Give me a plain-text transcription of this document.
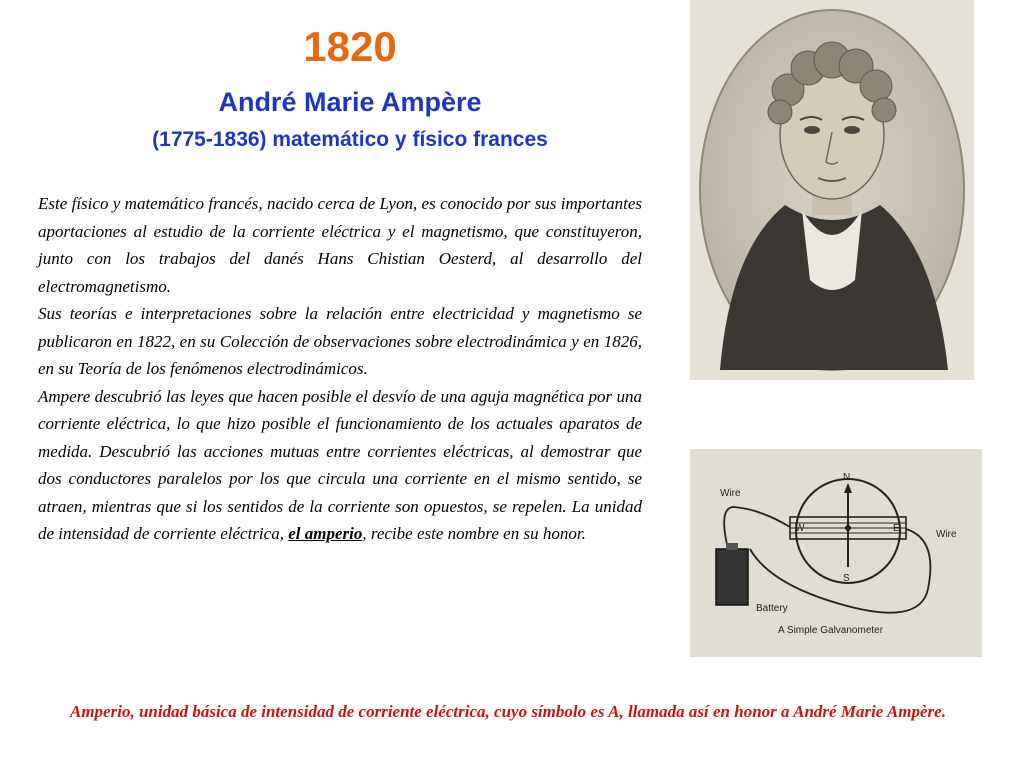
1820
André Marie Ampère
(1775-1836) matemático y físico frances

Este físico y matemático francés, nacido cerca de Lyon, es conocido por sus importantes aportaciones al estudio de la corriente eléctrica y el magnetismo, que constituyeron, junto con los trabajos del danés Hans Chistian Oesterd, al desarrollo del electromagnetismo.

Sus teorías e interpretaciones sobre la relación entre electricidad y magnetismo se publicaron en 1822, en su Colección de observaciones sobre electrodinámica y en 1826, en su Teoría de los fenómenos electrodinámicos.

Ampere descubrió las leyes que hacen posible el desvío de una aguja magnética por una corriente eléctrica, lo que hizo posible el funcionamiento de los actuales aparatos de medida. Descubrió las acciones mutuas entre corrientes eléctricas, al demostrar que dos conductores paralelos por los que circula una corriente en el mismo sentido, se atraen, mientras que si los sentidos de la corriente son opuestos, se repelen. La unidad de intensidad de corriente eléctrica, el amperio, recibe este nombre en su honor.

Wire
Wire
N
S
W	E
Battery
A Simple Galvanometer

Amperio, unidad básica de intensidad de corriente eléctrica, cuyo símbolo es A, llamada así en honor a André Marie Ampère.
